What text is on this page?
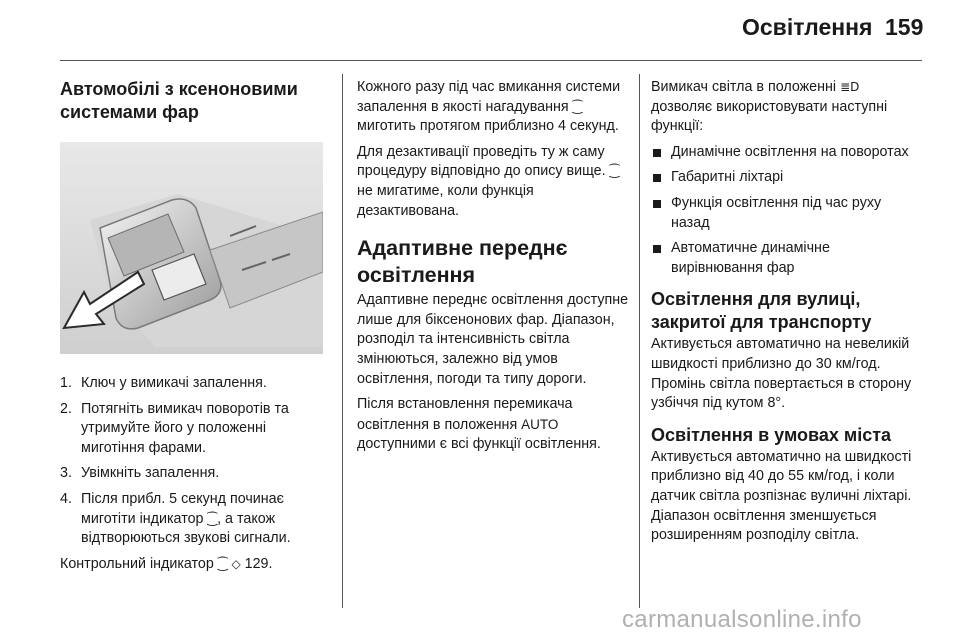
Освітлення 159
Автомобілі з ксеноновими
системами фар
1. Ключ у вимикачі запалення.
2. Потягніть вимикач поворотів та утримуйте його у положенні миготіння фарами.
3. Увімкніть запалення.
4. Після прибл. 5 секунд починає миготіти індикатор ⁐, а також відтворюються звукові сигнали.

Контрольний індикатор ⁐ ◇ 129.

Кожного разу під час вмикання системи запалення в якості нагадування ⁐ миготить протягом приблизно 4 секунд.

Для дезактивації проведіть ту ж саму процедуру відповідно до опису вище. ⁐ не мигатиме, коли функція дезактивована.

Адаптивне переднє
освітлення

Адаптивне переднє освітлення доступне лише для біксенонових фар. Діапазон, розподіл та інтенсивність світла змінюються, залежно від умов освітлення, погоди та типу дороги.

Після встановлення перемикача освітлення в положення AUTO доступними є всі функції освітлення.

Вимикач світла в положенні ≣D дозволяє використовувати наступні функції:

Динамічне освітлення на поворотах
Габаритні ліхтарі
Функція освітлення під час руху назад
Автоматичне динамічне вирівнювання фар
Освітлення для вулиці,
закритої для транспорту

Активується автоматично на невеликій швидкості приблизно до 30 км/год. Промінь світла повертається в сторону узбіччя під кутом 8°.

Освітлення в умовах міста

Активується автоматично на швидкості приблизно від 40 до 55 км/год, і коли датчик світла розпізнає вуличні ліхтарі. Діапазон освітлення зменшується розширенням розподілу світла.

carmanualsonline.info
